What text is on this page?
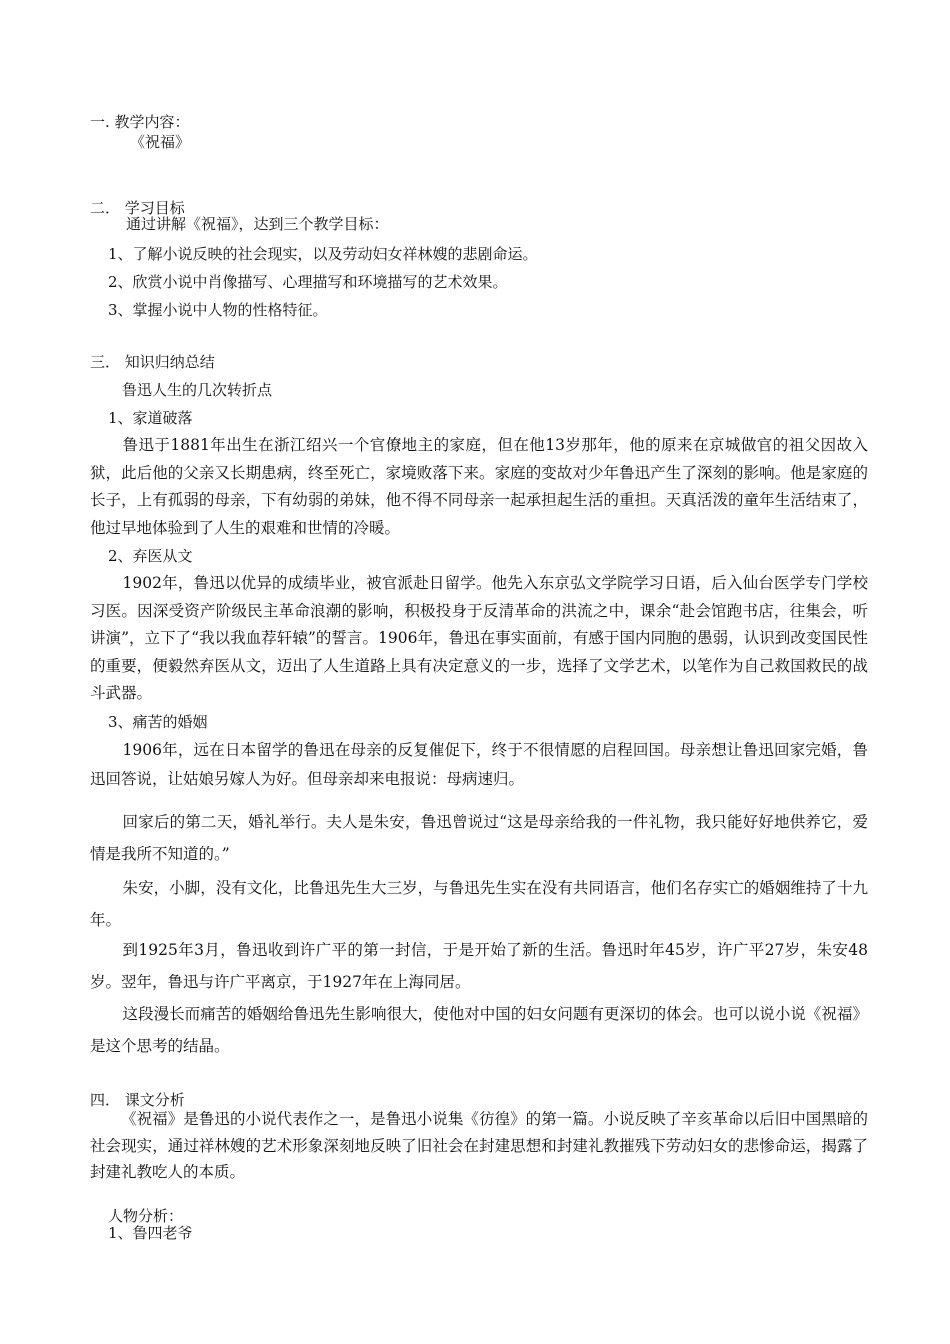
一. 教学内容：
《祝福》
二． 学习目标
通过讲解《祝福》，达到三个教学目标：
1、了解小说反映的社会现实，以及劳动妇女祥林嫂的悲剧命运。
2、欣赏小说中肖像描写、心理描写和环境描写的艺术效果。
3、掌握小说中人物的性格特征。
三． 知识归纳总结
鲁迅人生的几次转折点
1、家道破落

鲁迅于1881年出生在浙江绍兴一个官僚地主的家庭，但在他13岁那年，他的原来在京城做官的祖父因故入狱，此后他的父亲又长期患病，终至死亡，家境败落下来。家庭的变故对少年鲁迅产生了深刻的影响。他是家庭的长子，上有孤弱的母亲，下有幼弱的弟妹，他不得不同母亲一起承担起生活的重担。天真活泼的童年生活结束了，他过早地体验到了人生的艰难和世情的冷暖。

2、弃医从文

1902年，鲁迅以优异的成绩毕业，被官派赴日留学。他先入东京弘文学院学习日语，后入仙台医学专门学校习医。因深受资产阶级民主革命浪潮的影响，积极投身于反清革命的洪流之中，课余“赴会馆跑书店，往集会，听讲演”，立下了“我以我血荐轩辕”的誓言。1906年，鲁迅在事实面前，有感于国内同胞的愚弱，认识到改变国民性的重要，便毅然弃医从文，迈出了人生道路上具有决定意义的一步，选择了文学艺术，以笔作为自己救国救民的战斗武器。

3、痛苦的婚姻

1906年，远在日本留学的鲁迅在母亲的反复催促下，终于不很情愿的启程回国。母亲想让鲁迅回家完婚，鲁迅回答说，让姑娘另嫁人为好。但母亲却来电报说：母病速归。

回家后的第二天，婚礼举行。夫人是朱安，鲁迅曾说过“这是母亲给我的一件礼物，我只能好好地供养它，爱情是我所不知道的。”

朱安，小脚，没有文化，比鲁迅先生大三岁，与鲁迅先生实在没有共同语言，他们名存实亡的婚姻维持了十九年。

到1925年3月，鲁迅收到许广平的第一封信，于是开始了新的生活。鲁迅时年45岁，许广平27岁，朱安48岁。翌年，鲁迅与许广平离京，于1927年在上海同居。

这段漫长而痛苦的婚姻给鲁迅先生影响很大，使他对中国的妇女问题有更深切的体会。也可以说小说《祝福》是这个思考的结晶。

四． 课文分析

《祝福》是鲁迅的小说代表作之一，是鲁迅小说集《彷徨》的第一篇。小说反映了辛亥革命以后旧中国黑暗的社会现实，通过祥林嫂的艺术形象深刻地反映了旧社会在封建思想和封建礼教摧残下劳动妇女的悲惨命运，揭露了封建礼教吃人的本质。

人物分析：
1、鲁四老爷
